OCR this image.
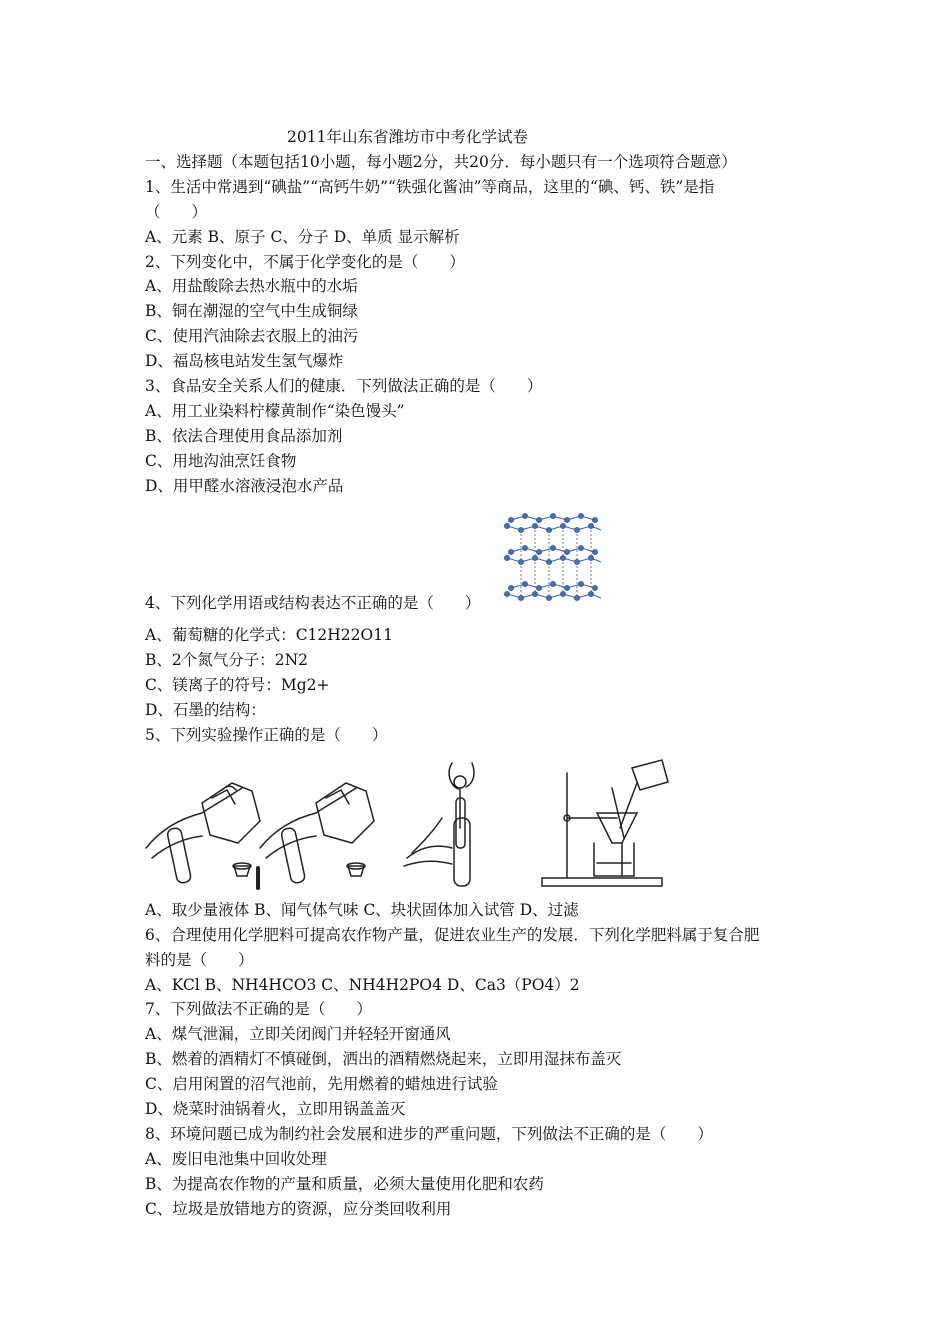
2011年山东省潍坊市中考化学试卷
一、选择题（本题包括10小题，每小题2分，共20分．每小题只有一个选项符合题意）
1、生活中常遇到“碘盐”“高钙牛奶”“铁强化酱油”等商品，这里的“碘、钙、铁”是指
（　　）
A、元素 B、原子 C、分子 D、单质 显示解析
2、下列变化中，不属于化学变化的是（　　）
A、用盐酸除去热水瓶中的水垢
B、铜在潮湿的空气中生成铜绿
C、使用汽油除去衣服上的油污
D、福岛核电站发生氢气爆炸
3、食品安全关系人们的健康．下列做法正确的是（　　）
A、用工业染料柠檬黄制作“染色馒头”
B、依法合理使用食品添加剂
C、用地沟油烹饪食物
D、用甲醛水溶液浸泡水产品
4、下列化学用语或结构表达不正确的是（　　）
A、葡萄糖的化学式：C12H22O11
B、2个氮气分子：2N2
C、镁离子的符号：Mg2+
D、石墨的结构：
5、下列实验操作正确的是（　　）
A、取少量液体 B、闻气体气味 C、块状固体加入试管 D、过滤
6、合理使用化学肥料可提高农作物产量，促进农业生产的发展．下列化学肥料属于复合肥
料的是（　　）
A、KCl B、NH4HCO3 C、NH4H2PO4 D、Ca3（PO4）2
7、下列做法不正确的是（　　）
A、煤气泄漏，立即关闭阀门并轻轻开窗通风
B、燃着的酒精灯不慎碰倒，洒出的酒精燃烧起来，立即用湿抹布盖灭
C、启用闲置的沼气池前，先用燃着的蜡烛进行试验
D、烧菜时油锅着火，立即用锅盖盖灭
8、环境问题已成为制约社会发展和进步的严重问题，下列做法不正确的是（　　）
A、废旧电池集中回收处理
B、为提高农作物的产量和质量，必须大量使用化肥和农药
C、垃圾是放错地方的资源，应分类回收利用
